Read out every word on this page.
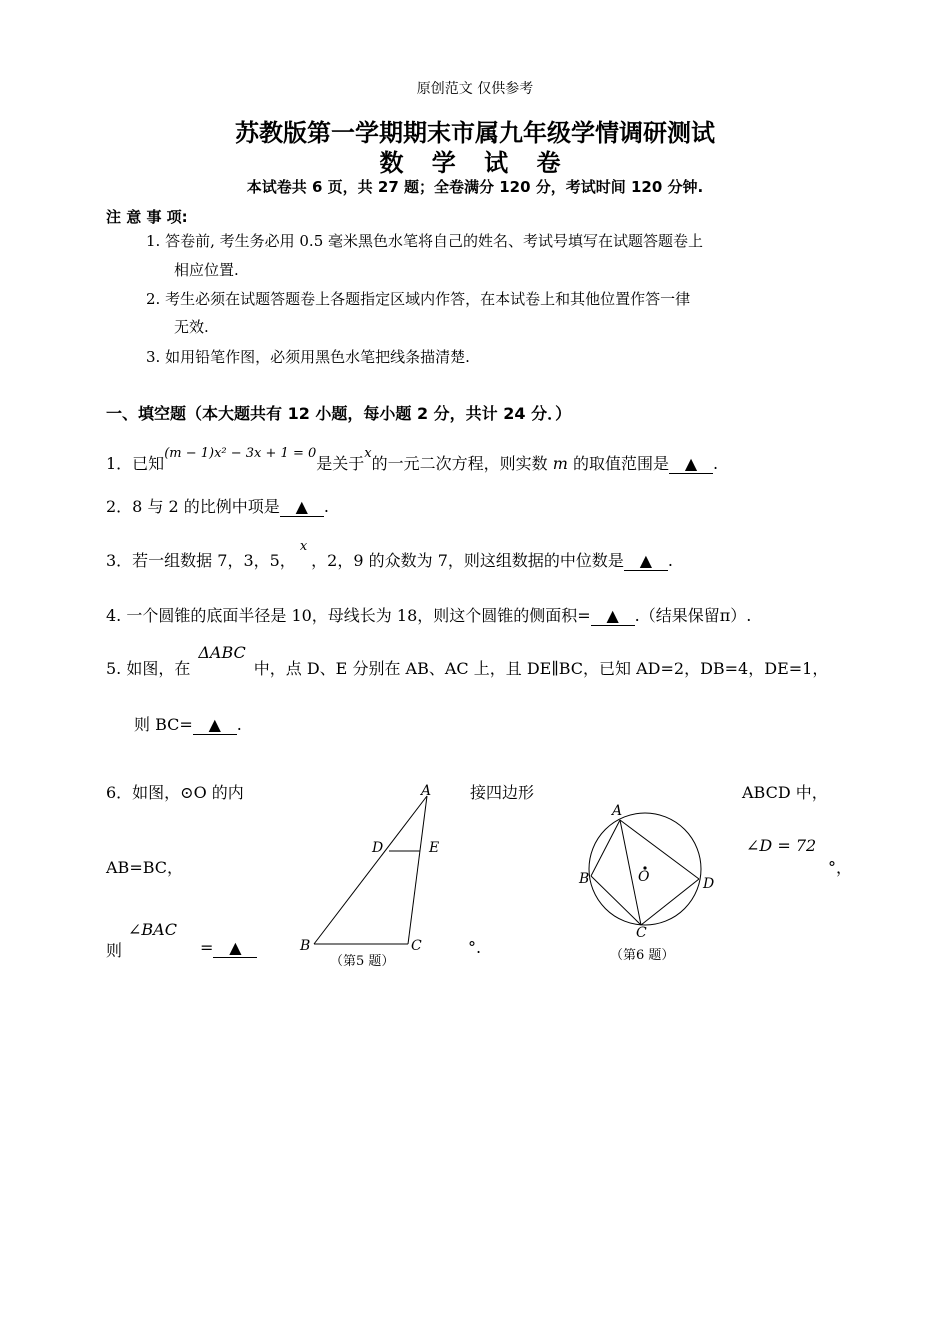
原创范文 仅供参考
苏教版第一学期期末市属九年级学情调研测试
数 学 试 卷
本试卷共 6 页，共 27 题；全卷满分 120 分，考试时间 120 分钟.
注 意 事 项:
1. 答卷前, 考生务必用 0.5 毫米黑色水笔将自己的姓名、考试号填写在试题答题卷上
相应位置.
2. 考生必须在试题答题卷上各题指定区域内作答，在本试卷上和其他位置作答一律
无效.
3. 如用铅笔作图，必须用黑色水笔把线条描清楚.
一、填空题（本大题共有 12 小题，每小题 2 分，共计 24 分．）
1．已知$^{(m - 1)x^2 - 3x + 1 = 0}$是关于$^x$的一元二次方程，则实数 m 的取值范围是 ▲ .
2．8 与 2 的比例中项是 ▲ .
3．若一组数据 7，3，5，$^x$，2，9 的众数为 7，则这组数据的中位数是 ▲ .
4. 一个圆锥的底面半径是 10，母线长为 18，则这个圆锥的侧面积= ▲ .（结果保留π）.
5. 如图，在ΔABC中，点 D、E 分别在 AB、AC 上，且 DE∥BC，已知 AD=2，DB=4，DE=1，
则 BC= ▲ .
6．如图，⊙O 的内	接四边形	ABCD 中，
AB=BC，
∠D = 72
°，
则
∠BAC
= ▲	°.
A
D	E
B	C
（第5 题）
A
B
C
D
O
（第6 题）
